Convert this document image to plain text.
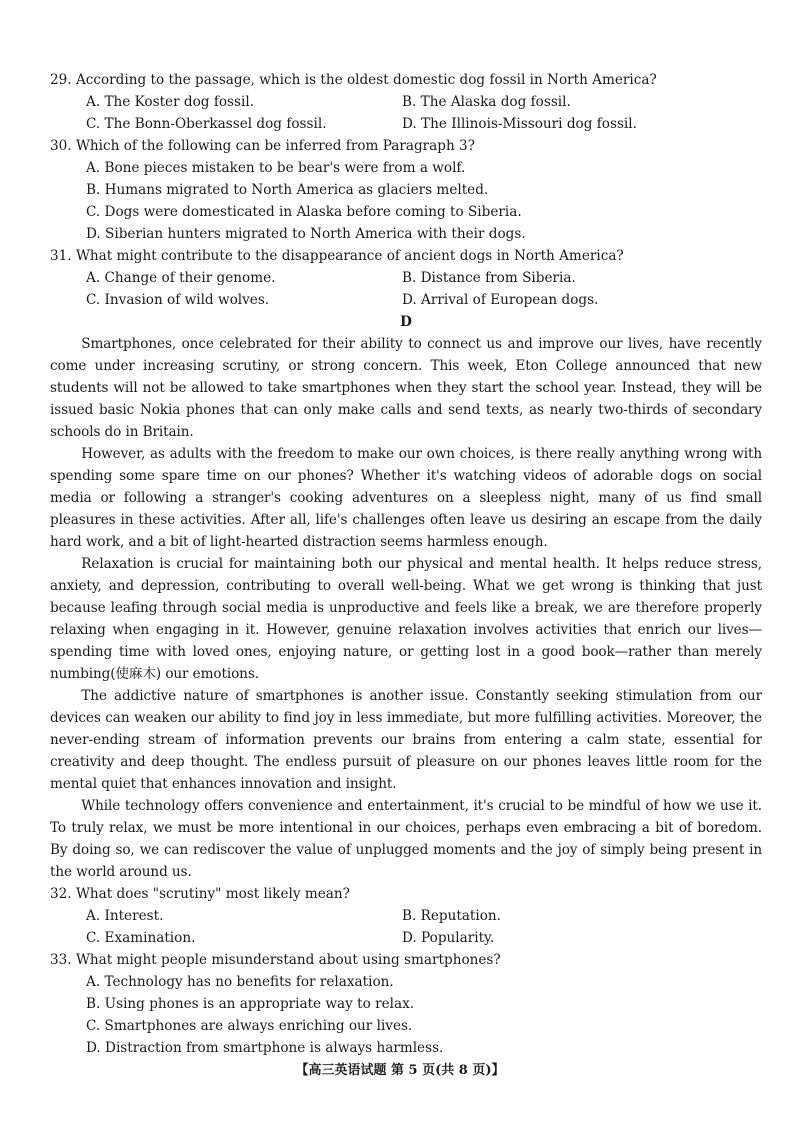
29. According to the passage, which is the oldest domestic dog fossil in North America?

A. The Koster dog fossil.	B. The Alaska dog fossil.
C. The Bonn-Oberkassel dog fossil.	D. The Illinois-Missouri dog fossil.

30. Which of the following can be inferred from Paragraph 3?

A. Bone pieces mistaken to be bear's were from a wolf.

B. Humans migrated to North America as glaciers melted.

C. Dogs were domesticated in Alaska before coming to Siberia.

D. Siberian hunters migrated to North America with their dogs.

31. What might contribute to the disappearance of ancient dogs in North America?

A. Change of their genome.	B. Distance from Siberia.
C. Invasion of wild wolves.	D. Arrival of European dogs.

D

Smartphones, once celebrated for their ability to connect us and improve our lives, have recently come under increasing scrutiny, or strong concern. This week, Eton College announced that new students will not be allowed to take smartphones when they start the school year. Instead, they will be issued basic Nokia phones that can only make calls and send texts, as nearly two-thirds of secondary schools do in Britain.

However, as adults with the freedom to make our own choices, is there really anything wrong with spending some spare time on our phones? Whether it's watching videos of adorable dogs on social media or following a stranger's cooking adventures on a sleepless night, many of us find small pleasures in these activities. After all, life's challenges often leave us desiring an escape from the daily hard work, and a bit of light-hearted distraction seems harmless enough.

Relaxation is crucial for maintaining both our physical and mental health. It helps reduce stress, anxiety, and depression, contributing to overall well-being. What we get wrong is thinking that just because leafing through social media is unproductive and feels like a break, we are therefore properly relaxing when engaging in it. However, genuine relaxation involves activities that enrich our lives—spending time with loved ones, enjoying nature, or getting lost in a good book—rather than merely numbing(使麻木) our emotions.

The addictive nature of smartphones is another issue. Constantly seeking stimulation from our devices can weaken our ability to find joy in less immediate, but more fulfilling activities. Moreover, the never-ending stream of information prevents our brains from entering a calm state, essential for creativity and deep thought. The endless pursuit of pleasure on our phones leaves little room for the mental quiet that enhances innovation and insight.

While technology offers convenience and entertainment, it's crucial to be mindful of how we use it. To truly relax, we must be more intentional in our choices, perhaps even embracing a bit of boredom. By doing so, we can rediscover the value of unplugged moments and the joy of simply being present in the world around us.

32. What does "scrutiny" most likely mean?

A. Interest.	B. Reputation.
C. Examination.	D. Popularity.

33. What might people misunderstand about using smartphones?

A. Technology has no benefits for relaxation.

B. Using phones is an appropriate way to relax.

C. Smartphones are always enriching our lives.

D. Distraction from smartphone is always harmless.

【高三英语试题 第 5 页(共 8 页)】
